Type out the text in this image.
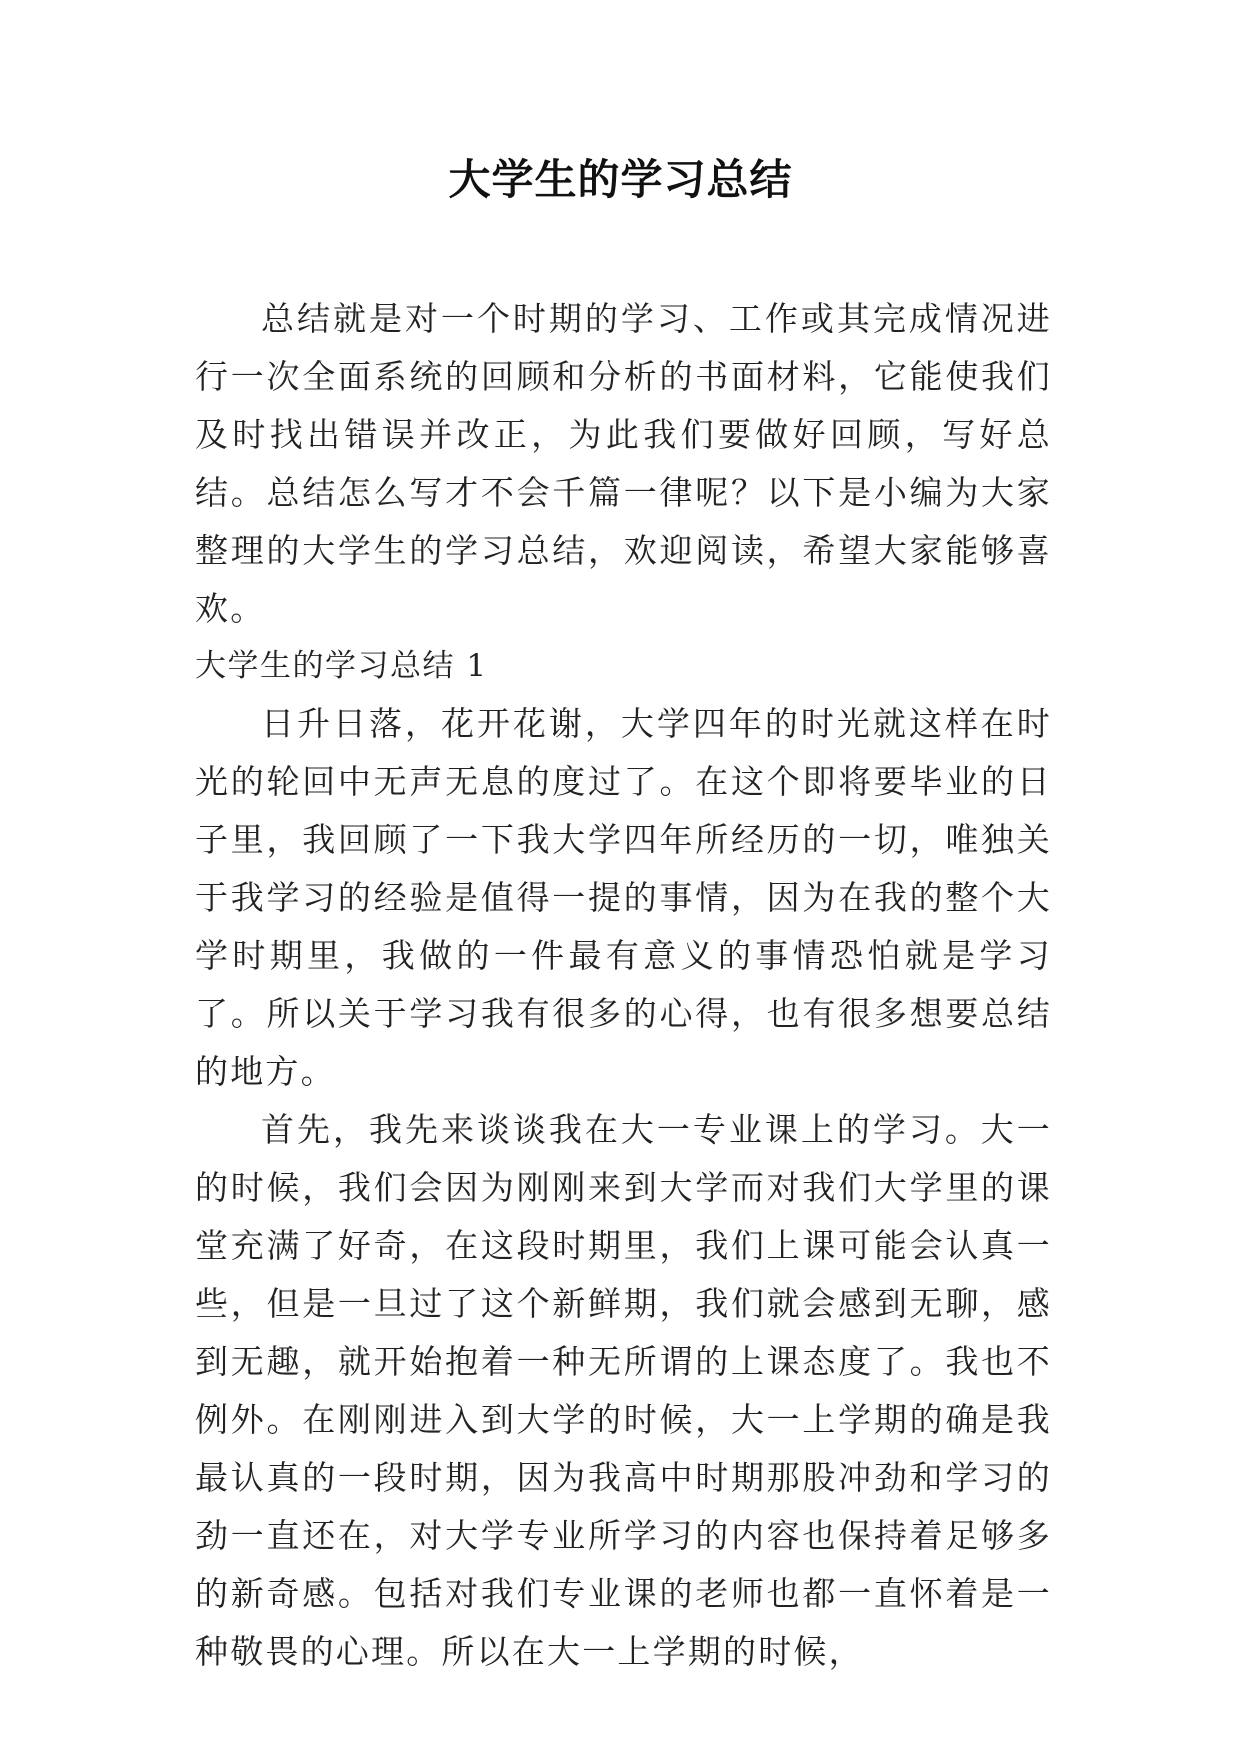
大学生的学习总结

总结就是对一个时期的学习、工作或其完成情况进行一次全面系统的回顾和分析的书面材料，它能使我们及时找出错误并改正，为此我们要做好回顾，写好总结。总结怎么写才不会千篇一律呢？以下是小编为大家整理的大学生的学习总结，欢迎阅读，希望大家能够喜欢。

大学生的学习总结 1

日升日落，花开花谢，大学四年的时光就这样在时光的轮回中无声无息的度过了。在这个即将要毕业的日子里，我回顾了一下我大学四年所经历的一切，唯独关于我学习的经验是值得一提的事情，因为在我的整个大学时期里，我做的一件最有意义的事情恐怕就是学习了。所以关于学习我有很多的心得，也有很多想要总结的地方。

首先，我先来谈谈我在大一专业课上的学习。大一的时候，我们会因为刚刚来到大学而对我们大学里的课堂充满了好奇，在这段时期里，我们上课可能会认真一些，但是一旦过了这个新鲜期，我们就会感到无聊，感到无趣，就开始抱着一种无所谓的上课态度了。我也不例外。在刚刚进入到大学的时候，大一上学期的确是我最认真的一段时期，因为我高中时期那股冲劲和学习的劲一直还在，对大学专业所学习的内容也保持着足够多的新奇感。包括对我们专业课的老师也都一直怀着是一种敬畏的心理。所以在大一上学期的时候，
